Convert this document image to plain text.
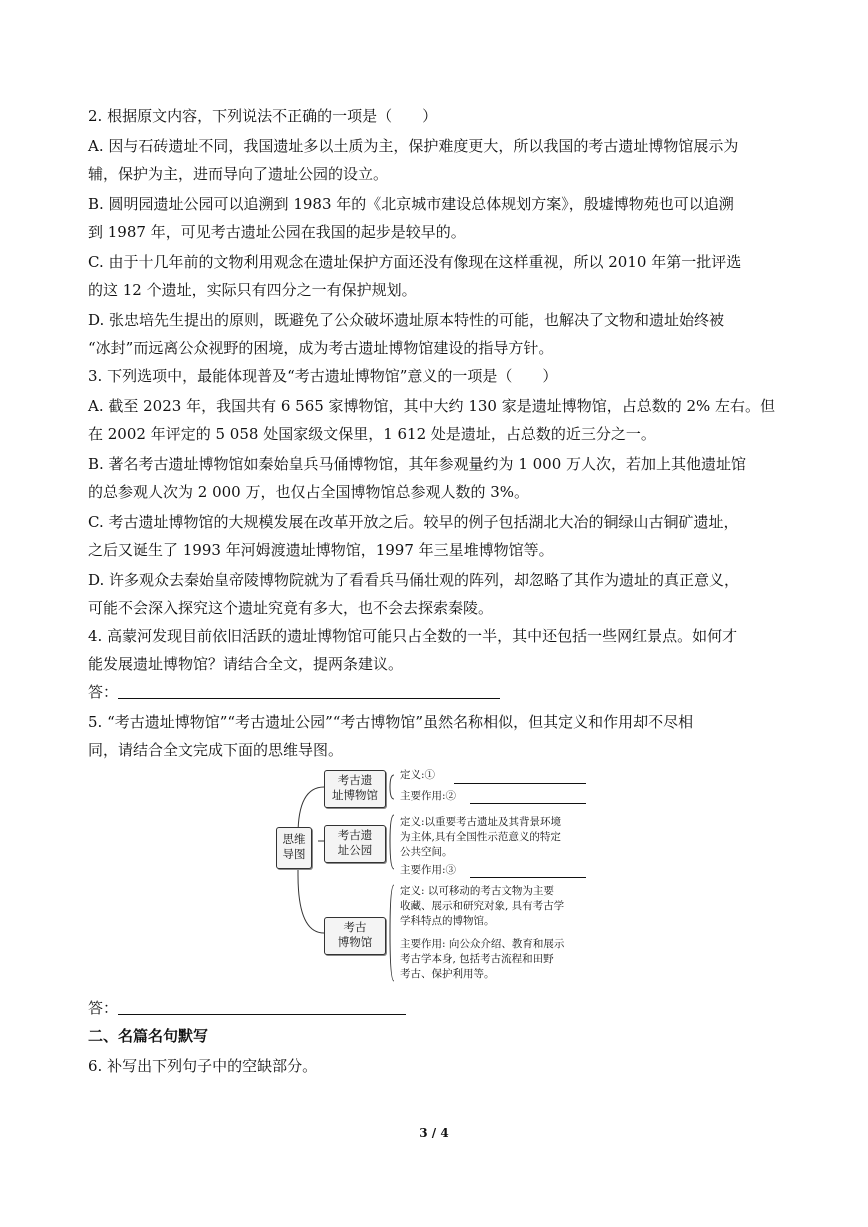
2. 根据原文内容，下列说法不正确的一项是（　　）
A. 因与石砖遗址不同，我国遗址多以土质为主，保护难度更大，所以我国的考古遗址博物馆展示为
辅，保护为主，进而导向了遗址公园的设立。
B. 圆明园遗址公园可以追溯到 1983 年的《北京城市建设总体规划方案》，殷墟博物苑也可以追溯
到 1987 年，可见考古遗址公园在我国的起步是较早的。
C. 由于十几年前的文物利用观念在遗址保护方面还没有像现在这样重视，所以 2010 年第一批评选
的这 12 个遗址，实际只有四分之一有保护规划。
D. 张忠培先生提出的原则，既避免了公众破坏遗址原本特性的可能，也解决了文物和遗址始终被
“冰封”而远离公众视野的困境，成为考古遗址博物馆建设的指导方针。
3. 下列选项中，最能体现普及“考古遗址博物馆”意义的一项是（　　）
A. 截至 2023 年，我国共有 6 565 家博物馆，其中大约 130 家是遗址博物馆，占总数的 2% 左右。但
在 2002 年评定的 5 058 处国家级文保里，1 612 处是遗址，占总数的近三分之一。
B. 著名考古遗址博物馆如秦始皇兵马俑博物馆，其年参观量约为 1 000 万人次，若加上其他遗址馆
的总参观人次为 2 000 万，也仅占全国博物馆总参观人数的 3%。
C. 考古遗址博物馆的大规模发展在改革开放之后。较早的例子包括湖北大冶的铜绿山古铜矿遗址，
之后又诞生了 1993 年河姆渡遗址博物馆，1997 年三星堆博物馆等。
D. 许多观众去秦始皇帝陵博物院就为了看看兵马俑壮观的阵列，却忽略了其作为遗址的真正意义，
可能不会深入探究这个遗址究竟有多大，也不会去探索秦陵。
4. 高蒙河发现目前依旧活跃的遗址博物馆可能只占全数的一半，其中还包括一些网红景点。如何才
能发展遗址博物馆？请结合全文，提两条建议。
答：
5. “考古遗址博物馆”“考古遗址公园”“考古博物馆”虽然名称相似，但其定义和作用却不尽相
同，请结合全文完成下面的思维导图。
思维
导图
考古遗
址博物馆
考古遗
址公园
考古
博物馆
定义:①
主要作用:②
定义:以重要考古遗址及其背景环境
为主体,具有全国性示范意义的特定
公共空间。
主要作用:③
定义: 以可移动的考古文物为主要
收藏、展示和研究对象, 具有考古学
学科特点的博物馆。
主要作用: 向公众介绍、教育和展示
考古学本身, 包括考古流程和田野
考古、保护利用等。
答：
二、名篇名句默写
6. 补写出下列句子中的空缺部分。
3 / 4
